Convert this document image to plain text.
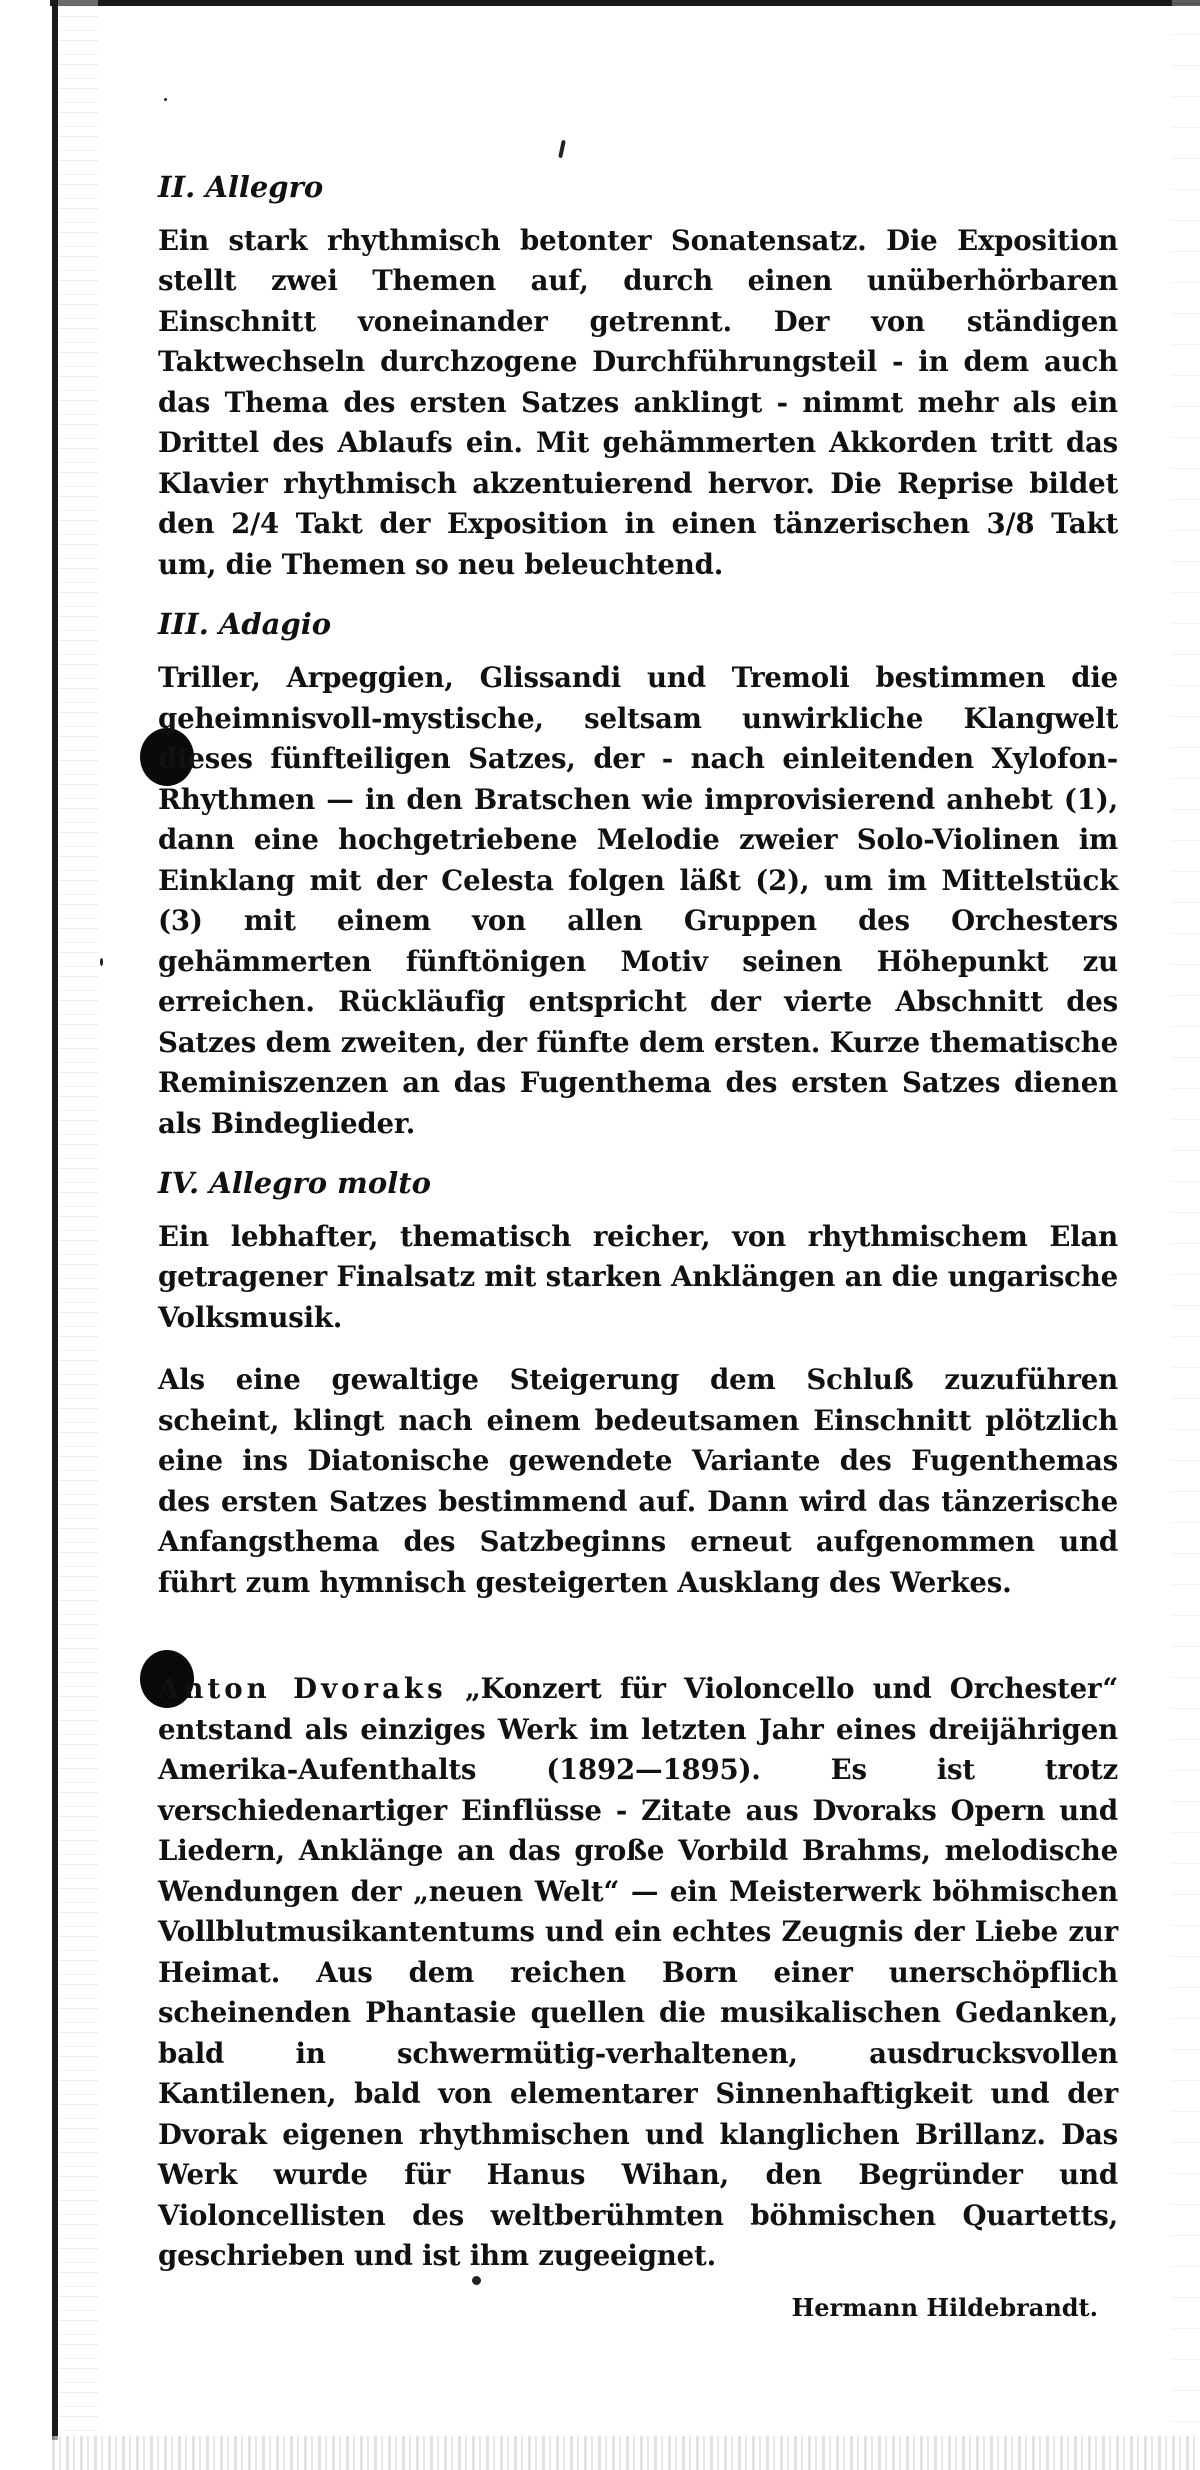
II. Allegro

Ein stark rhythmisch betonter Sonatensatz. Die Exposition stellt zwei Themen auf, durch einen unüberhörbaren Einschnitt voneinander getrennt. Der von ständigen Taktwechseln durchzogene Durchführungsteil - in dem auch das Thema des ersten Satzes anklingt - nimmt mehr als ein Drittel des Ablaufs ein. Mit gehämmerten Akkorden tritt das Klavier rhythmisch akzentuierend hervor. Die Reprise bildet den 2/4 Takt der Exposition in einen tänzerischen 3/8 Takt um, die Themen so neu beleuchtend.

III. Adagio

Triller, Arpeggien, Glissandi und Tremoli bestimmen die geheimnisvoll-mystische, seltsam unwirkliche Klangwelt dieses fünfteiligen Satzes, der - nach einleitenden Xylofon-Rhythmen — in den Bratschen wie improvisierend anhebt (1), dann eine hochgetriebene Melodie zweier Solo-Violinen im Einklang mit der Celesta folgen läßt (2), um im Mittelstück (3) mit einem von allen Gruppen des Orchesters gehämmerten fünftönigen Motiv seinen Höhepunkt zu erreichen. Rückläufig entspricht der vierte Abschnitt des Satzes dem zweiten, der fünfte dem ersten. Kurze thematische Reminiszenzen an das Fugenthema des ersten Satzes dienen als Bindeglieder.

IV. Allegro molto

Ein lebhafter, thematisch reicher, von rhythmischem Elan getragener Finalsatz mit starken Anklängen an die ungarische Volksmusik.

Als eine gewaltige Steigerung dem Schluß zuzuführen scheint, klingt nach einem bedeutsamen Einschnitt plötzlich eine ins Diatonische gewendete Variante des Fugenthemas des ersten Satzes bestimmend auf. Dann wird das tänzerische Anfangsthema des Satzbeginns erneut aufgenommen und führt zum hymnisch gesteigerten Ausklang des Werkes.

Anton Dvoraks „Konzert für Violoncello und Orchester“ entstand als einziges Werk im letzten Jahr eines dreijährigen Amerika-Aufenthalts (1892—1895). Es ist trotz verschiedenartiger Einflüsse - Zitate aus Dvoraks Opern und Liedern, Anklänge an das große Vorbild Brahms, melodische Wendungen der „neuen Welt“ — ein Meisterwerk böhmischen Vollblutmusikantentums und ein echtes Zeugnis der Liebe zur Heimat. Aus dem reichen Born einer unerschöpflich scheinenden Phantasie quellen die musikalischen Gedanken, bald in schwermütig-verhaltenen, ausdrucksvollen Kantilenen, bald von elementarer Sinnenhaftigkeit und der Dvorak eigenen rhythmischen und klanglichen Brillanz. Das Werk wurde für Hanus Wihan, den Begründer und Violoncellisten des weltberühmten böhmischen Quartetts, geschrieben und ist ihm zugeeignet.

Hermann Hildebrandt.
